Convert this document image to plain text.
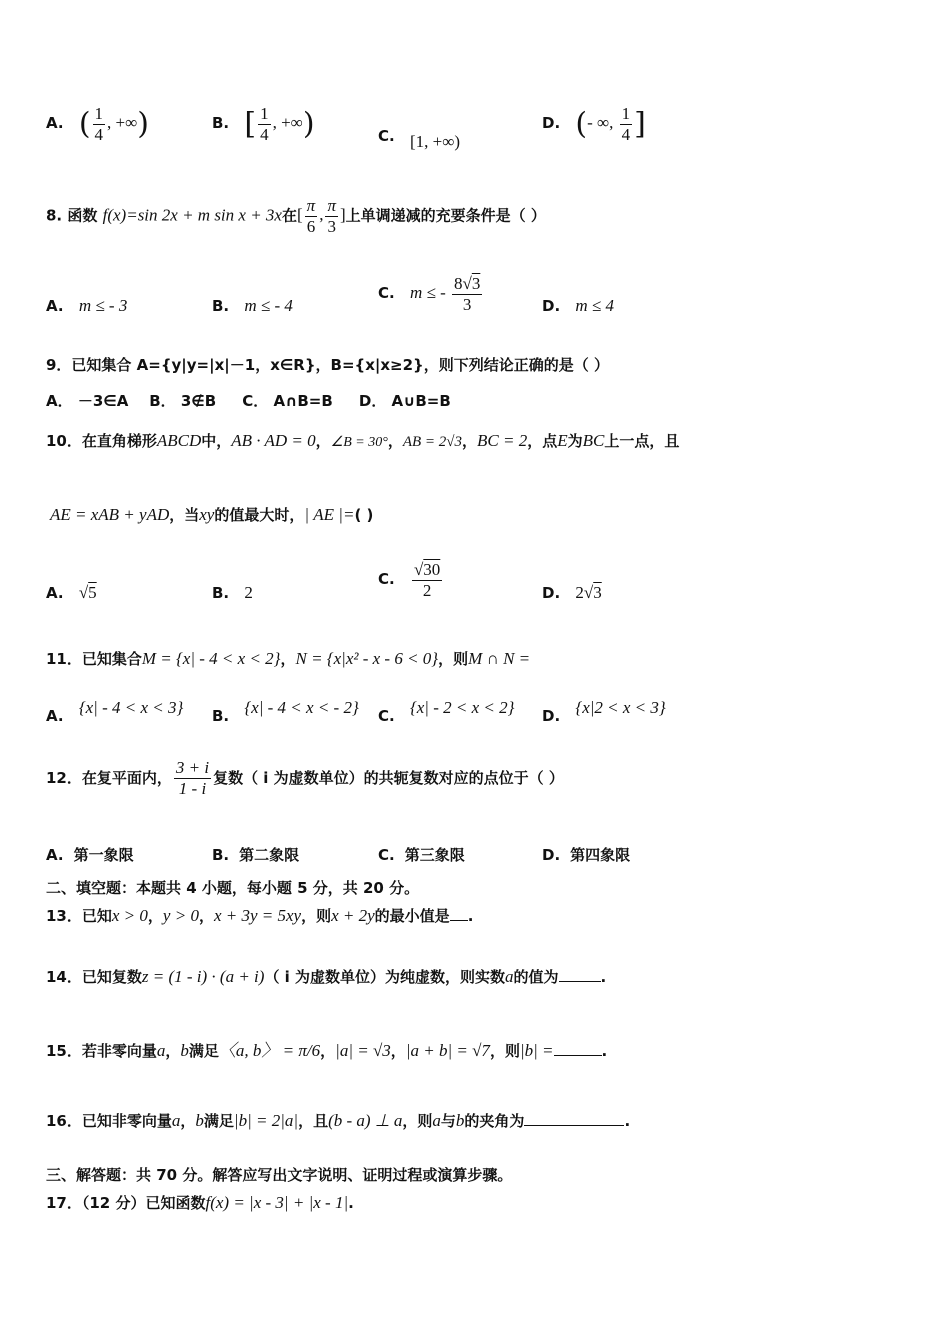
A. ( $\frac{1}{4}$ , +∞)	B. [ $\frac{1}{4}$ , +∞)	C. [1, +∞)
D. (- ∞, $\frac{1}{4}$ ]
8. 函数 f(x)=sin 2x + m sin x + 3x在[ $\frac{\pi}{6}$ , $\frac{\pi}{3}$ ]上单调递减的充要条件是（ ）
A. m ≤ - 3	B. m ≤ - 4
C. m ≤ - $\frac{8√3}{3}$	D. m ≤ 4
9．已知集合 A={y|y=|x|－1，x∈R}，B={x|x≥2}，则下列结论正确的是（ ）
A． －3∈A    B． 3∉B     C． A∩B=B     D． A∪B=B
10．在直角梯形ABCD中，AB · AD = 0，∠B = 30°，AB = 2√3，BC = 2，点E为BC上一点，且
AE = xAB + yAD，当xy的值最大时，| AE |=( )
A. √5	B. 2
C. $\frac{√30}{2}$	D. 2√3
11．已知集合M = {x| - 4 < x < 2}，N = {x|x² - x - 6 < 0}，则M ∩ N =
A. {x| - 4 < x < 3} B. {x| - 4 < x < - 2} C. {x| - 2 < x < 2} D. {x|2 < x < 3}
12．在复平面内， $\frac{3 + i}{1 - i}$ 复数（ i 为虚数单位）的共轭复数对应的点位于（ ）
A. 第一象限	B. 第二象限	C. 第三象限	D. 第四象限
二、填空题：本题共 4 小题，每小题 5 分，共 20 分。
13．已知x > 0，y > 0，x + 3y = 5xy，则x + 2y的最小值是 .
14．已知复数z = (1 - i) · (a + i)（ i 为虚数单位）为纯虚数，则实数a的值为	.
15．若非零向量a，b满足〈a, b〉 = π/6，|a| = √3，|a + b| = √7，则|b| =	.
16．已知非零向量a，b满足|b| = 2|a|，且(b - a) ⊥ a，则a与b的夹角为	.
三、解答题：共 70 分。解答应写出文字说明、证明过程或演算步骤。
17．（12 分）已知函数f(x) = |x - 3| + |x - 1|.
